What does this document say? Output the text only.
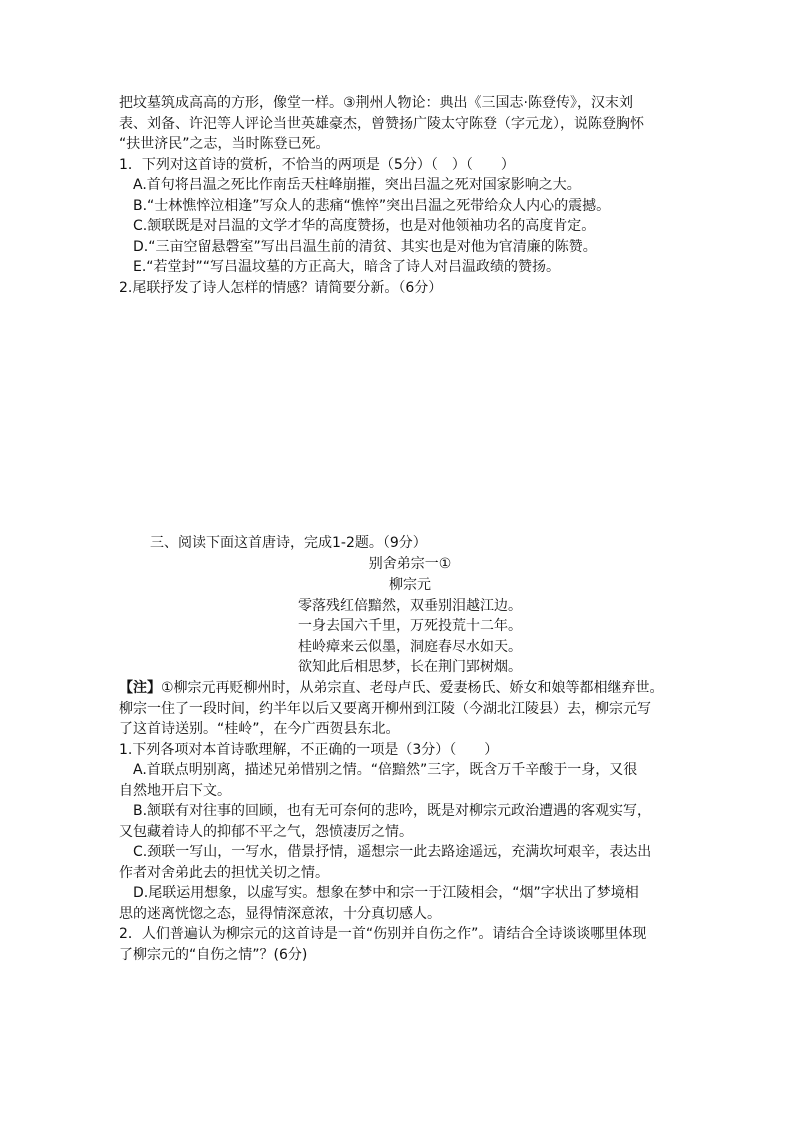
把坟墓筑成高高的方形，像堂一样。③荆州人物论：典出《三国志·陈登传》，汉末刘

表、刘备、许汜等人评论当世英雄豪杰，曾赞扬广陵太守陈登（字元龙），说陈登胸怀

“扶世济民”之志，当时陈登已死。

1．下列对这首诗的赏析，不恰当的两项是（5分）（　）（　　）

A.首句将吕温之死比作南岳天柱峰崩摧，突出吕温之死对国家影响之大。

B.“士林憔悴泣相逢”写众人的悲痛“憔悴”突出吕温之死带给众人内心的震撼。

C.颔联既是对吕温的文学才华的高度赞扬，也是对他领袖功名的高度肯定。

D.“三亩空留悬磬室”写出吕温生前的清贫、其实也是对他为官清廉的陈赞。

E.“若堂封”“写吕温坟墓的方正高大，暗含了诗人对吕温政绩的赞扬。

2.尾联抒发了诗人怎样的情感？请简要分新。（6分）

三、阅读下面这首唐诗，完成1-2题。（9分）

别舍弟宗一①

柳宗元

零落残红倍黯然，双垂别泪越江边。

一身去国六千里，万死投荒十二年。

桂岭瘴来云似墨，洞庭春尽水如天。

欲知此后相思梦，长在荆门郢树烟。

【注】①柳宗元再贬柳州时，从弟宗直、老母卢氏、爱妻杨氏、娇女和娘等都相继弃世。

柳宗一住了一段时间，约半年以后又要离开柳州到江陵（今湖北江陵县）去，柳宗元写

了这首诗送别。“桂岭”，在今广西贺县东北。

1.下列各项对本首诗歌理解，不正确的一项是（3分）（　　）

A.首联点明别离，描述兄弟惜别之情。“倍黯然”三字，既含万千辛酸于一身，又很

自然地开启下文。

B.颔联有对往事的回顾，也有无可奈何的悲吟，既是对柳宗元政治遭遇的客观实写，

又包藏着诗人的抑郁不平之气，怨愤凄厉之情。

C.颈联一写山，一写水，借景抒情，遥想宗一此去路途遥远，充满坎坷艰辛，表达出

作者对舍弟此去的担忧关切之情。

D.尾联运用想象，以虚写实。想象在梦中和宗一于江陵相会，“烟”字状出了梦境相

思的迷离恍惚之态，显得情深意浓，十分真切感人。

2．人们普遍认为柳宗元的这首诗是一首“伤别并自伤之作”。请结合全诗谈谈哪里体现

了柳宗元的“自伤之情”？(6分)
